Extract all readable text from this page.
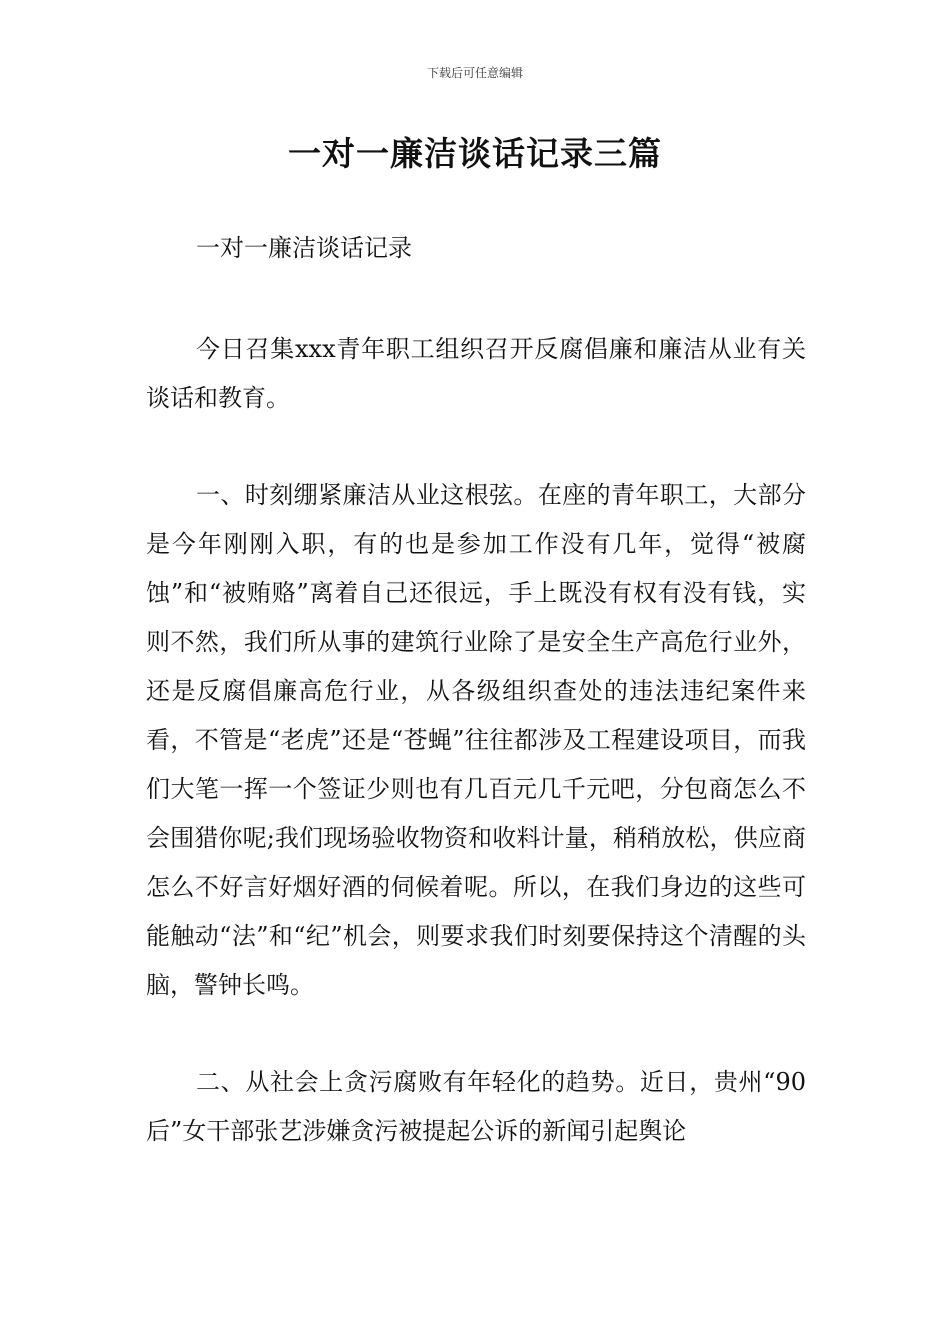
下载后可任意编辑
一对一廉洁谈话记录三篇

一对一廉洁谈话记录

今日召集xxx青年职工组织召开反腐倡廉和廉洁从业有关谈话和教育。

一、时刻绷紧廉洁从业这根弦。在座的青年职工，大部分是今年刚刚入职，有的也是参加工作没有几年，觉得“被腐蚀”和“被贿赂”离着自己还很远，手上既没有权有没有钱，实则不然，我们所从事的建筑行业除了是安全生产高危行业外，还是反腐倡廉高危行业，从各级组织查处的违法违纪案件来看，不管是“老虎”还是“苍蝇”往往都涉及工程建设项目，而我们大笔一挥一个签证少则也有几百元几千元吧，分包商怎么不会围猎你呢;我们现场验收物资和收料计量，稍稍放松，供应商怎么不好言好烟好酒的伺候着呢。所以，在我们身边的这些可能触动“法”和“纪”机会，则要求我们时刻要保持这个清醒的头脑，警钟长鸣。

二、从社会上贪污腐败有年轻化的趋势。近日，贵州“90后”女干部张艺涉嫌贪污被提起公诉的新闻引起舆论
